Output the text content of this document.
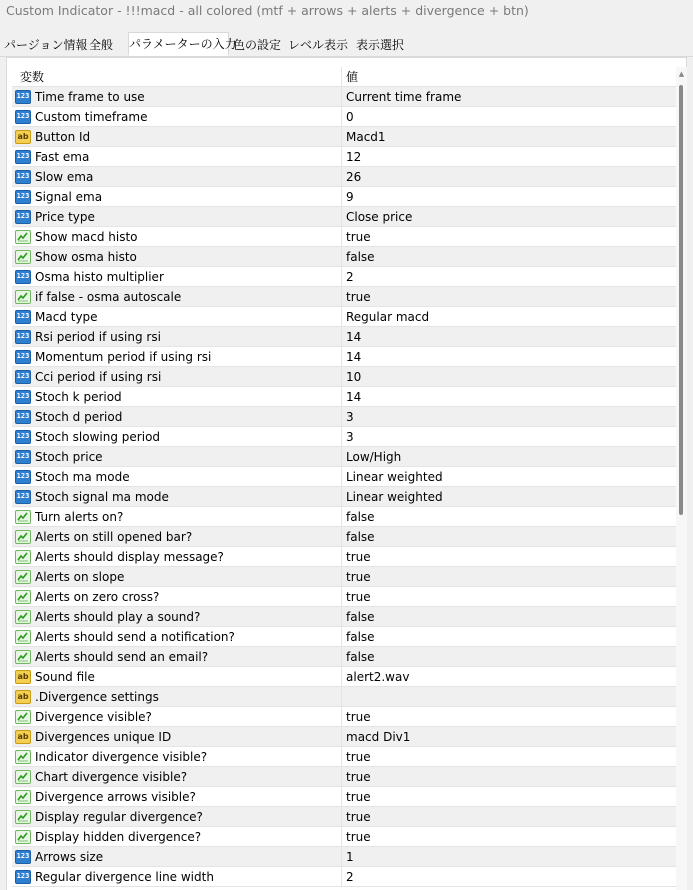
Custom Indicator - !!!macd - all colored (mtf + arrows + alerts + divergence + btn)
パージョン情報 全般	パラメーターの入力
色の設定 レベル表示 表示選択
変数	値
123 Time frame to use	Current time frame
123 Custom timeframe	0
ab Button Id	Macd1
123 Fast ema	12
123 Slow ema	26
123 Signal ema	9
123 Price type	Close price
Show macd histo	true
Show osma histo	false
123 Osma histo multiplier	2
if false - osma autoscale	true
123 Macd type	Regular macd
123 Rsi period if using rsi	14
123 Momentum period if using rsi	14
123 Cci period if using rsi	10
123 Stoch k period	14
123 Stoch d period	3
123 Stoch slowing period	3
123 Stoch price	Low/High
123 Stoch ma mode	Linear weighted
123 Stoch signal ma mode	Linear weighted
Turn alerts on?	false
Alerts on still opened bar?	false
Alerts should display message?	true
Alerts on slope	true
Alerts on zero cross?	true
Alerts should play a sound?	false
Alerts should send a notification?	false
Alerts should send an email?	false
ab Sound file	alert2.wav
ab .Divergence settings
Divergence visible?	true
ab Divergences unique ID	macd Div1
Indicator divergence visible?	true
Chart divergence visible?	true
Divergence arrows visible?	true
Display regular divergence?	true
Display hidden divergence?	true
123 Arrows size	1
123 Regular divergence line width	2
▲
